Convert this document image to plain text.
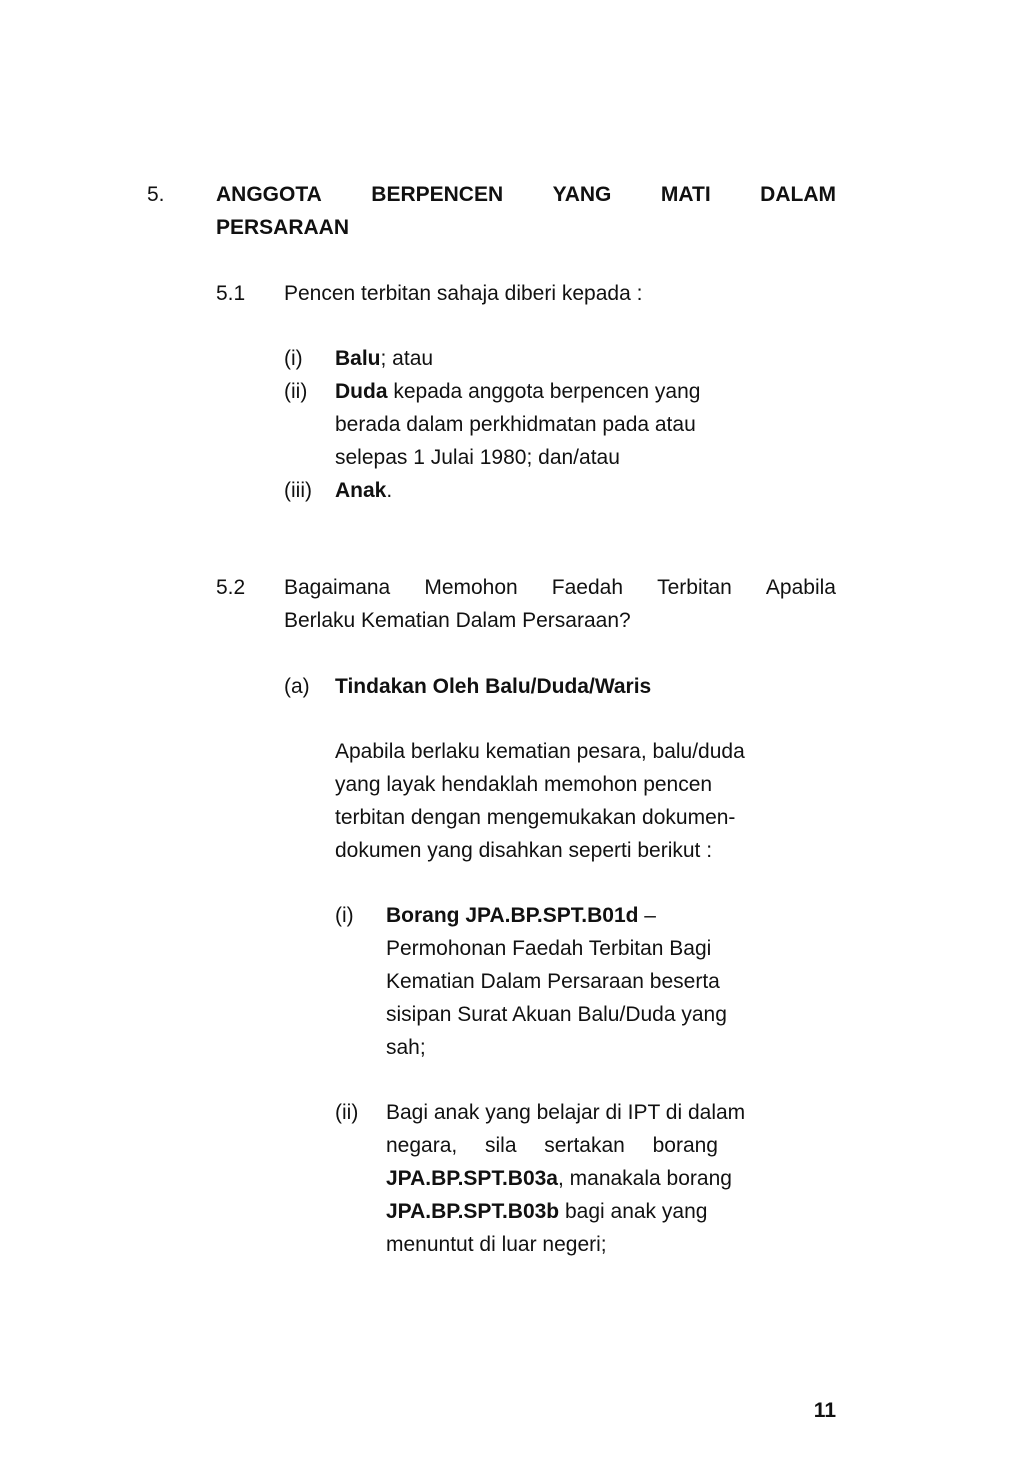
5. ANGGOTA BERPENCEN YANG MATI DALAM
PERSARAAN
5.1 Pencen terbitan sahaja diberi kepada :
(i) Balu; atau
(ii) Duda kepada anggota berpencen yang
berada dalam perkhidmatan pada atau
selepas 1 Julai 1980; dan/atau
(iii) Anak.
5.2 Bagaimana Memohon Faedah Terbitan Apabila
Berlaku Kematian Dalam Persaraan?
(a) Tindakan Oleh Balu/Duda/Waris
Apabila berlaku kematian pesara, balu/duda
yang layak hendaklah memohon pencen
terbitan dengan mengemukakan dokumen-
dokumen yang disahkan seperti berikut :
(i) Borang JPA.BP.SPT.B01d –
Permohonan Faedah Terbitan Bagi
Kematian Dalam Persaraan beserta
sisipan Surat Akuan Balu/Duda yang
sah;
(ii) Bagi anak yang belajar di IPT di dalam
negara, sila sertakan borang
JPA.BP.SPT.B03a, manakala borang
JPA.BP.SPT.B03b bagi anak yang
menuntut di luar negeri;
11
